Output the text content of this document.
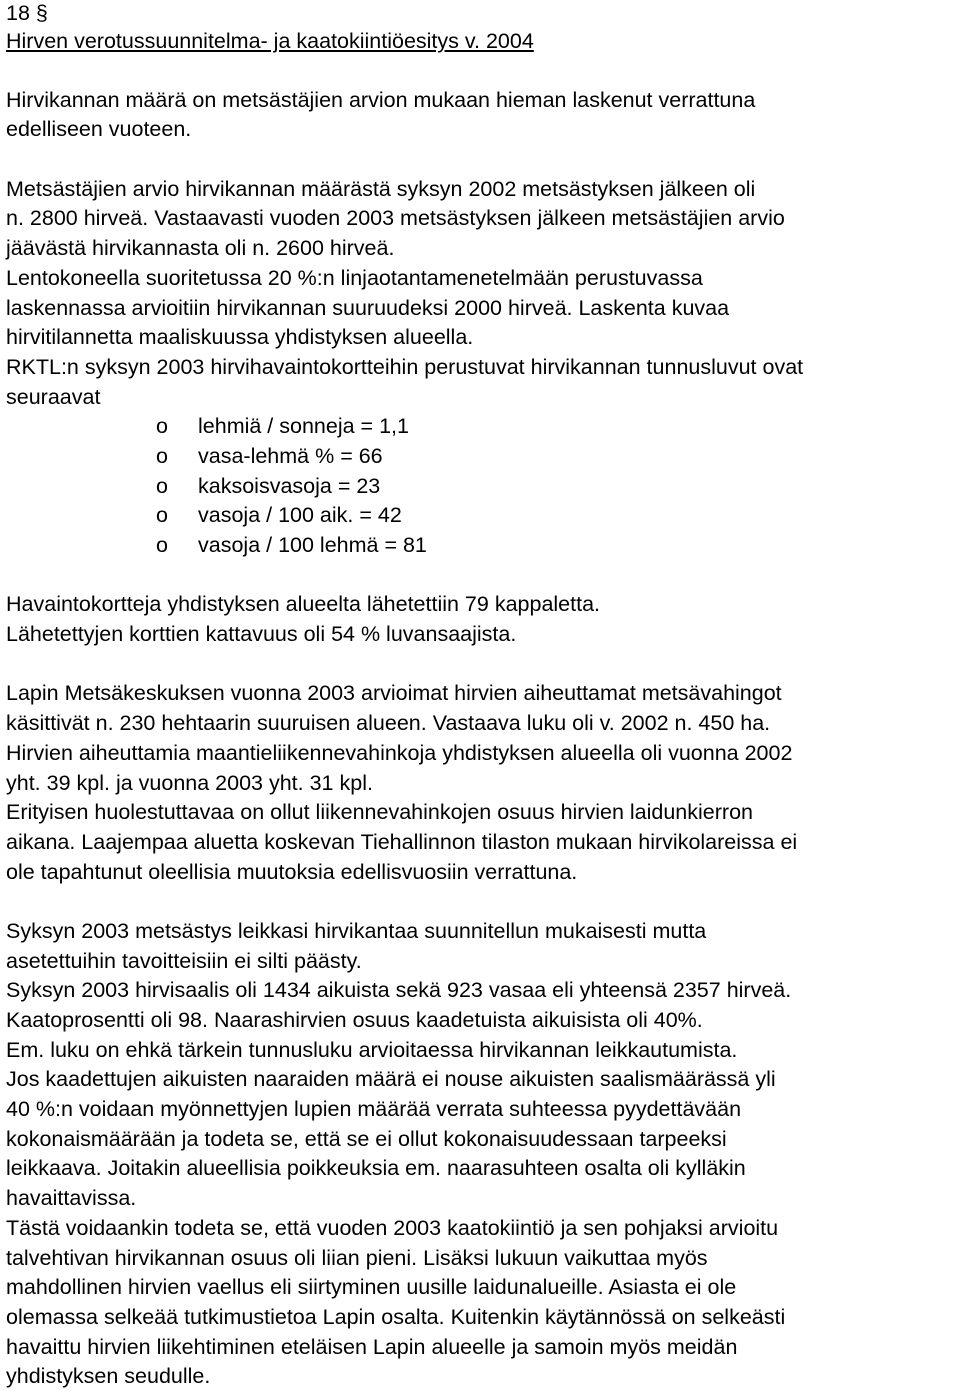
18 §
Hirven verotussuunnitelma- ja kaatokiintiöesitys v. 2004
Hirvikannan määrä on metsästäjien arvion mukaan hieman laskenut verrattuna
edelliseen vuoteen.
Metsästäjien arvio hirvikannan määrästä syksyn 2002 metsästyksen jälkeen oli
n. 2800 hirveä. Vastaavasti vuoden 2003 metsästyksen jälkeen metsästäjien arvio
jäävästä hirvikannasta oli n. 2600 hirveä.
Lentokoneella suoritetussa 20 %:n linjaotantamenetelmään perustuvassa
laskennassa arvioitiin hirvikannan suuruudeksi 2000 hirveä. Laskenta kuvaa
hirvitilannetta maaliskuussa yhdistyksen alueella.
RKTL:n syksyn 2003 hirvihavaintokortteihin perustuvat hirvikannan tunnusluvut ovat
seuraavat
o lehmiä / sonneja = 1,1
o vasa-lehmä % = 66
o kaksoisvasoja = 23
o vasoja / 100 aik. = 42
o vasoja / 100 lehmä = 81
Havaintokortteja yhdistyksen alueelta lähetettiin 79 kappaletta.
Lähetettyjen korttien kattavuus oli 54 % luvansaajista.
Lapin Metsäkeskuksen vuonna 2003 arvioimat hirvien aiheuttamat metsävahingot
käsittivät n. 230 hehtaarin suuruisen alueen. Vastaava luku oli v. 2002 n. 450 ha.
Hirvien aiheuttamia maantieliikennevahinkoja yhdistyksen alueella oli vuonna 2002
yht. 39 kpl. ja vuonna 2003 yht. 31 kpl.
Erityisen huolestuttavaa on ollut liikennevahinkojen osuus hirvien laidunkierron
aikana. Laajempaa aluetta koskevan Tiehallinnon tilaston mukaan hirvikolareissa ei
ole tapahtunut oleellisia muutoksia edellisvuosiin verrattuna.
Syksyn 2003 metsästys leikkasi hirvikantaa suunnitellun mukaisesti mutta
asetettuihin tavoitteisiin ei silti päästy.
Syksyn 2003 hirvisaalis oli 1434 aikuista sekä 923 vasaa eli yhteensä 2357 hirveä.
Kaatoprosentti oli 98. Naarashirvien osuus kaadetuista aikuisista oli 40%.
Em. luku on ehkä tärkein tunnusluku arvioitaessa hirvikannan leikkautumista.
Jos kaadettujen aikuisten naaraiden määrä ei nouse aikuisten saalismäärässä yli
40 %:n voidaan myönnettyjen lupien määrää verrata suhteessa pyydettävään
kokonaismäärään ja todeta se, että se ei ollut kokonaisuudessaan tarpeeksi
leikkaava. Joitakin alueellisia poikkeuksia em. naarasuhteen osalta oli kylläkin
havaittavissa.
Tästä voidaankin todeta se, että vuoden 2003 kaatokiintiö ja sen pohjaksi arvioitu
talvehtivan hirvikannan osuus oli liian pieni. Lisäksi lukuun vaikuttaa myös
mahdollinen hirvien vaellus eli siirtyminen uusille laidunalueille. Asiasta ei ole
olemassa selkeää tutkimustietoa Lapin osalta. Kuitenkin käytännössä on selkeästi
havaittu hirvien liikehtiminen eteläisen Lapin alueelle ja samoin myös meidän
yhdistyksen seudulle.
